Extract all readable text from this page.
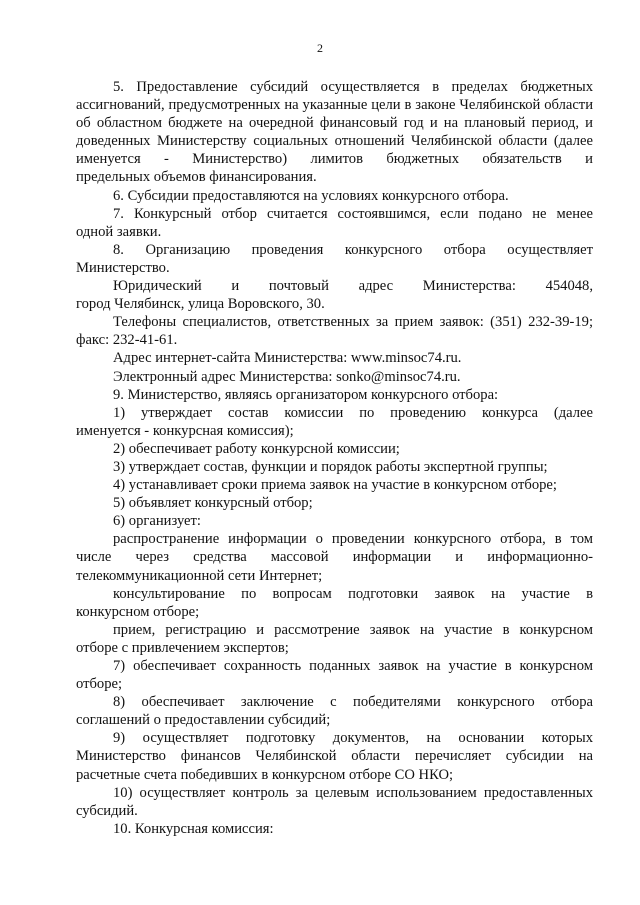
2

5. Предоставление субсидий осуществляется в пределах бюджетных ассигнований, предусмотренных на указанные цели в законе Челябинской области об областном бюджете на очередной финансовый год и на плановый период, и доведенных Министерству социальных отношений Челябинской области (далее именуется - Министерство) лимитов бюджетных обязательств и

предельных объемов финансирования.

6. Субсидии предоставляются на условиях конкурсного отбора.

7. Конкурсный отбор считается состоявшимся, если подано не менее

одной заявки.

8. Организацию проведения конкурсного отбора осуществляет

Министерство.

Юридический и почтовый адрес Министерства: 454048,

город Челябинск, улица Воровского, 30.

Телефоны специалистов, ответственных за прием заявок: (351) 232-39-19;

факс: 232-41-61.

Адрес интернет-сайта Министерства: www.minsoc74.ru.

Электронный адрес Министерства: sonko@minsoc74.ru.

9. Министерство, являясь организатором конкурсного отбора:

1) утверждает состав комиссии по проведению конкурса (далее

именуется - конкурсная комиссия);

2) обеспечивает работу конкурсной комиссии;

3) утверждает состав, функции и порядок работы экспертной группы;

4) устанавливает сроки приема заявок на участие в конкурсном отборе;

5) объявляет конкурсный отбор;

6) организует:

распространение информации о проведении конкурсного отбора, в том числе через средства массовой информации и информационно-

телекоммуникационной сети Интернет;

консультирование по вопросам подготовки заявок на участие в

конкурсном отборе;

прием, регистрацию и рассмотрение заявок на участие в конкурсном

отборе с привлечением экспертов;

7) обеспечивает сохранность поданных заявок на участие в конкурсном

отборе;

8) обеспечивает заключение с победителями конкурсного отбора

соглашений о предоставлении субсидий;

9) осуществляет подготовку документов, на основании которых Министерство финансов Челябинской области перечисляет субсидии на

расчетные счета победивших в конкурсном отборе СО НКО;

10) осуществляет контроль за целевым использованием предоставленных

субсидий.

10. Конкурсная комиссия:
